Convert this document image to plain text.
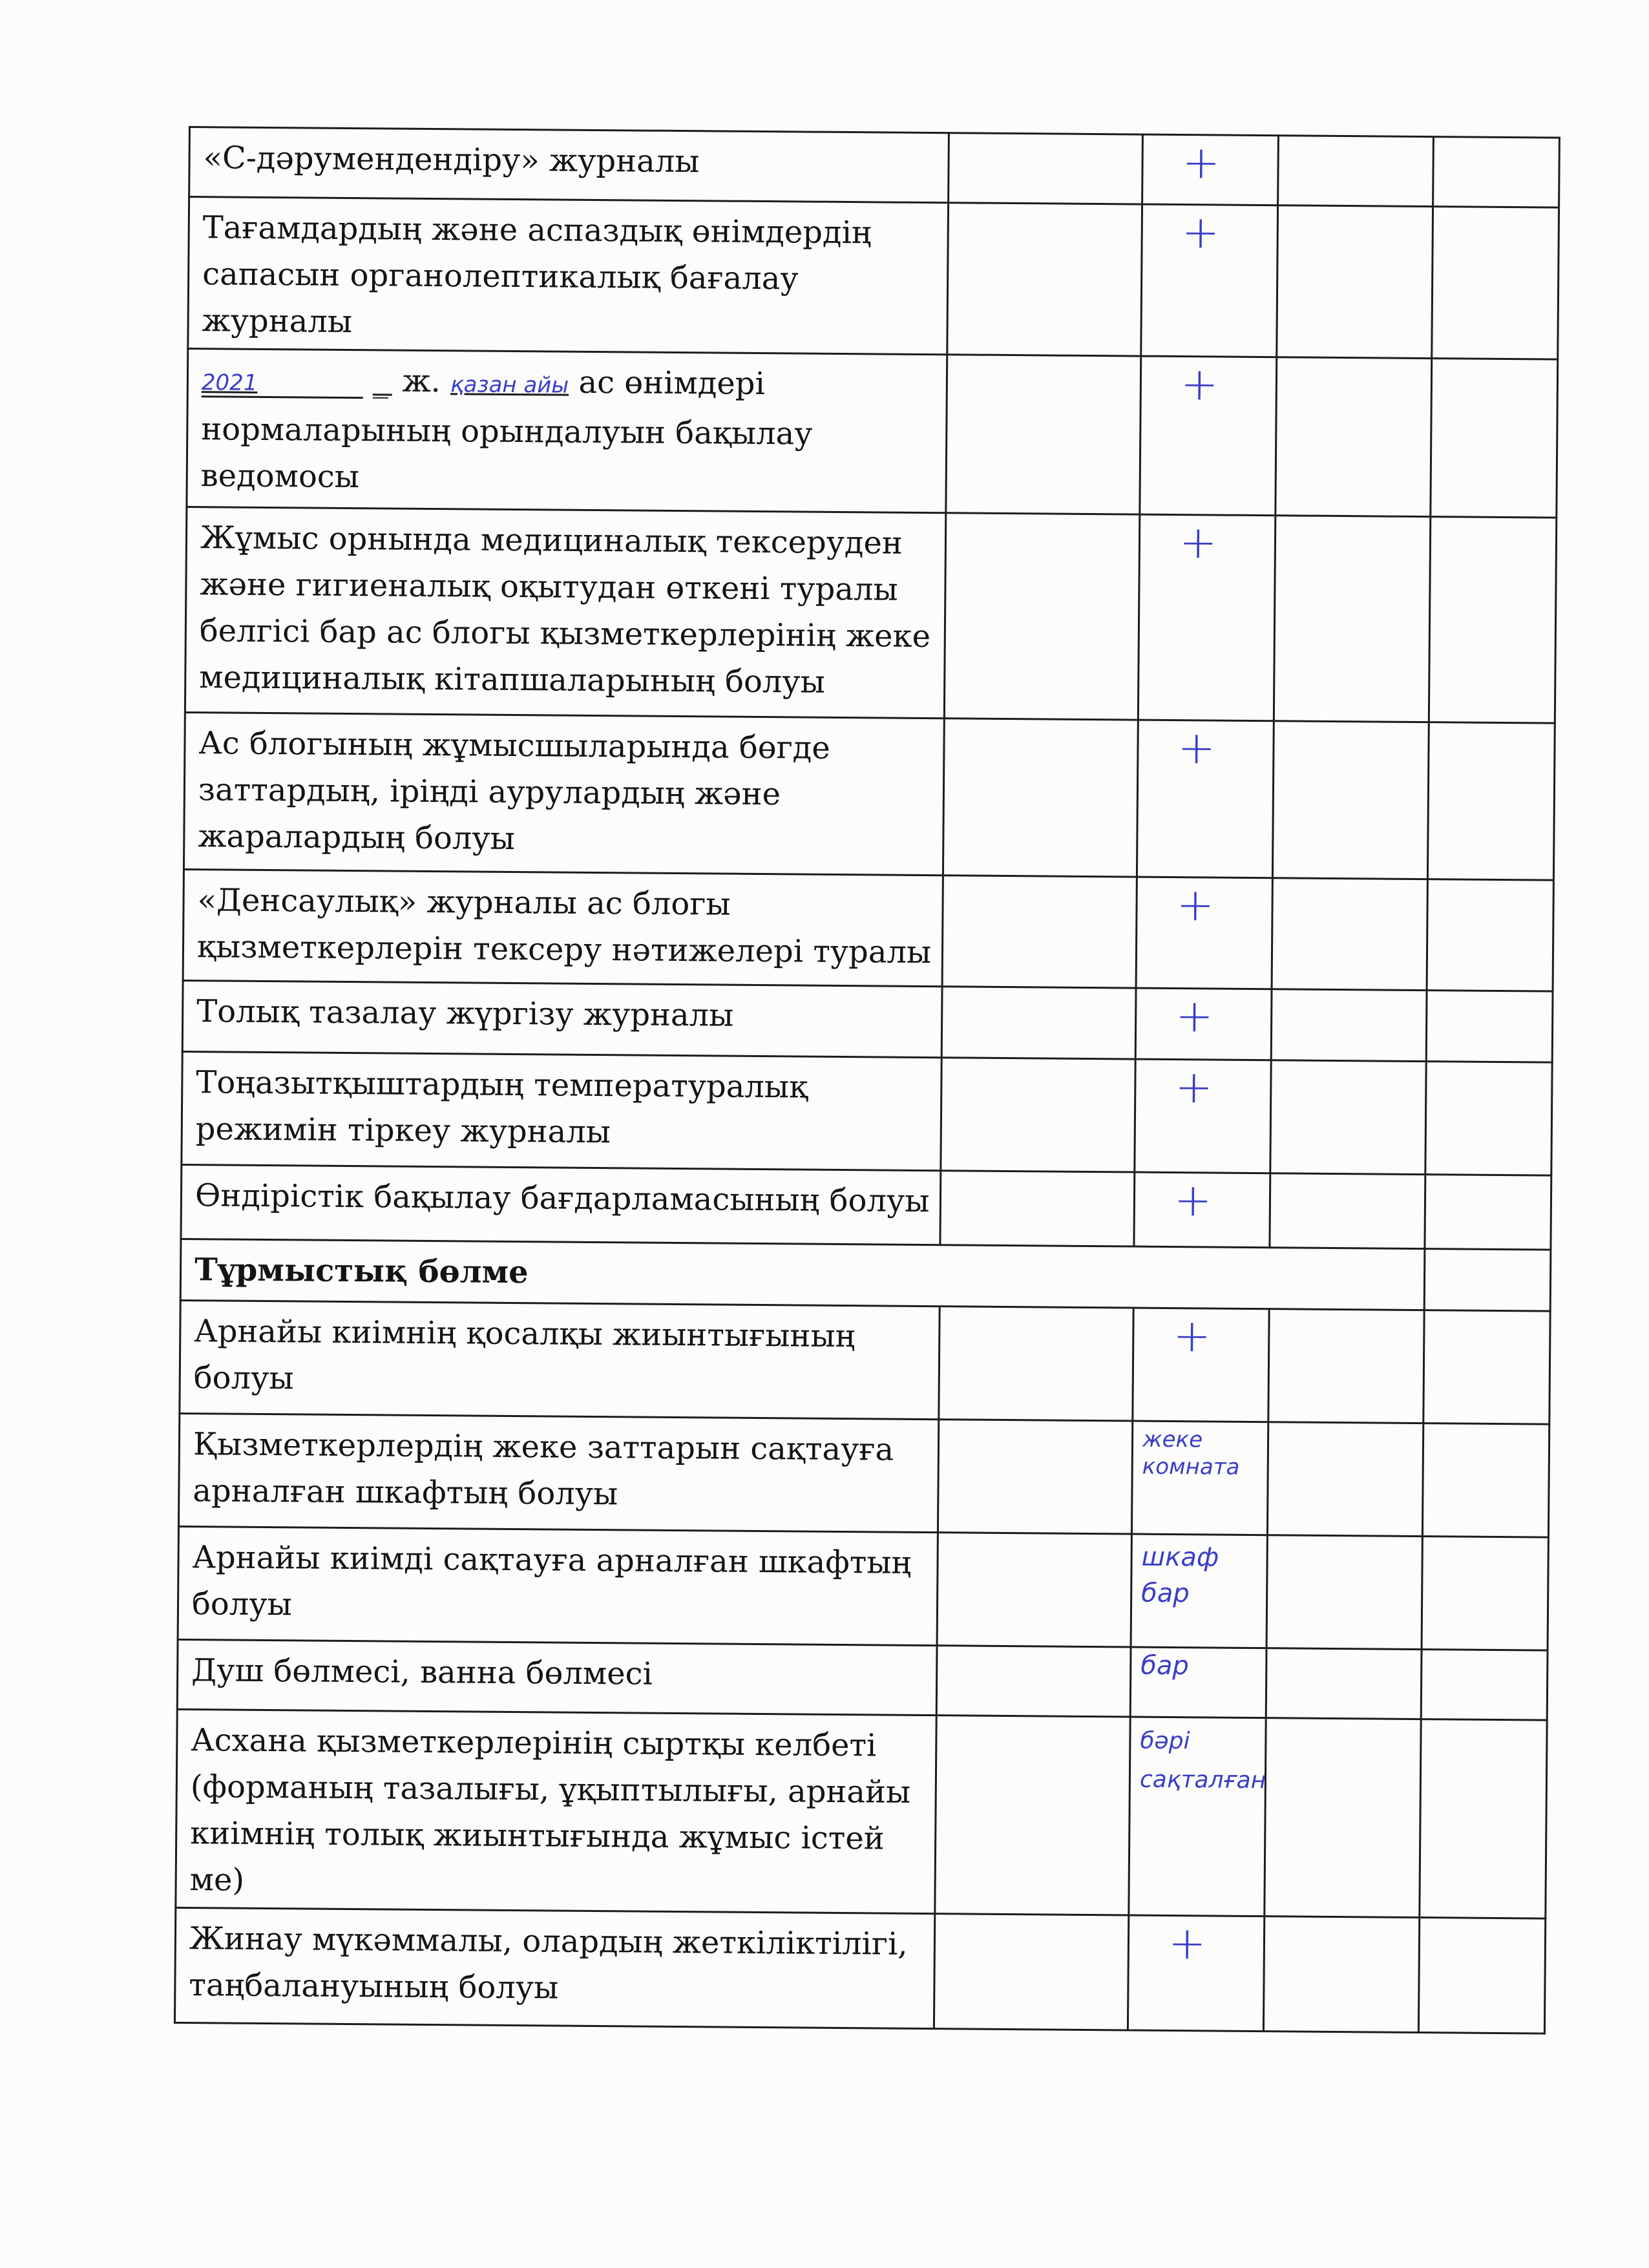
«С-дәрумендендіру» журналы		+		

Тағамдардың және аспаздық өнімдердің сапасын органолептикалық бағалау журналы		+		

2021 _ ж. қазан айы ас өнімдері нормаларының орындалуын бақылау ведомосы		+		

Жұмыс орнында медициналық тексеруден және гигиеналық оқытудан өткені туралы белгісі бар ас блогы қызметкерлерінің жеке медициналық кітапшаларының болуы		+		

Ас блогының жұмысшыларында бөгде заттардың, іріңді аурулардың және жаралардың болуы		+		

«Денсаулық» журналы ас блогы қызметкерлерін тексеру нәтижелері туралы		+		

Толық тазалау жүргізу журналы		+		

Тоңазытқыштардың температуралық режимін тіркеу журналы		+		

Өндірістік бақылау бағдарламасының болуы		+		

Тұрмыстық бөлме				
Арнайы киімнің қосалқы жиынтығының болуы		+		

Қызметкерлердің жеке заттарын сақтауға арналған шкафтың болуы		жеке комната		

Арнайы киімді сақтауға арналған шкафтың болуы		шкаф бар		

Душ бөлмесі, ванна бөлмесі		бар		

Асхана қызметкерлерінің сыртқы келбеті (форманың тазалығы, ұқыптылығы, арнайы киімнің толық жиынтығында жұмыс істей ме)		бәрі сақталған		

Жинау мүкәммалы, олардың жеткіліктілігі, таңбалануының болуы		+		
